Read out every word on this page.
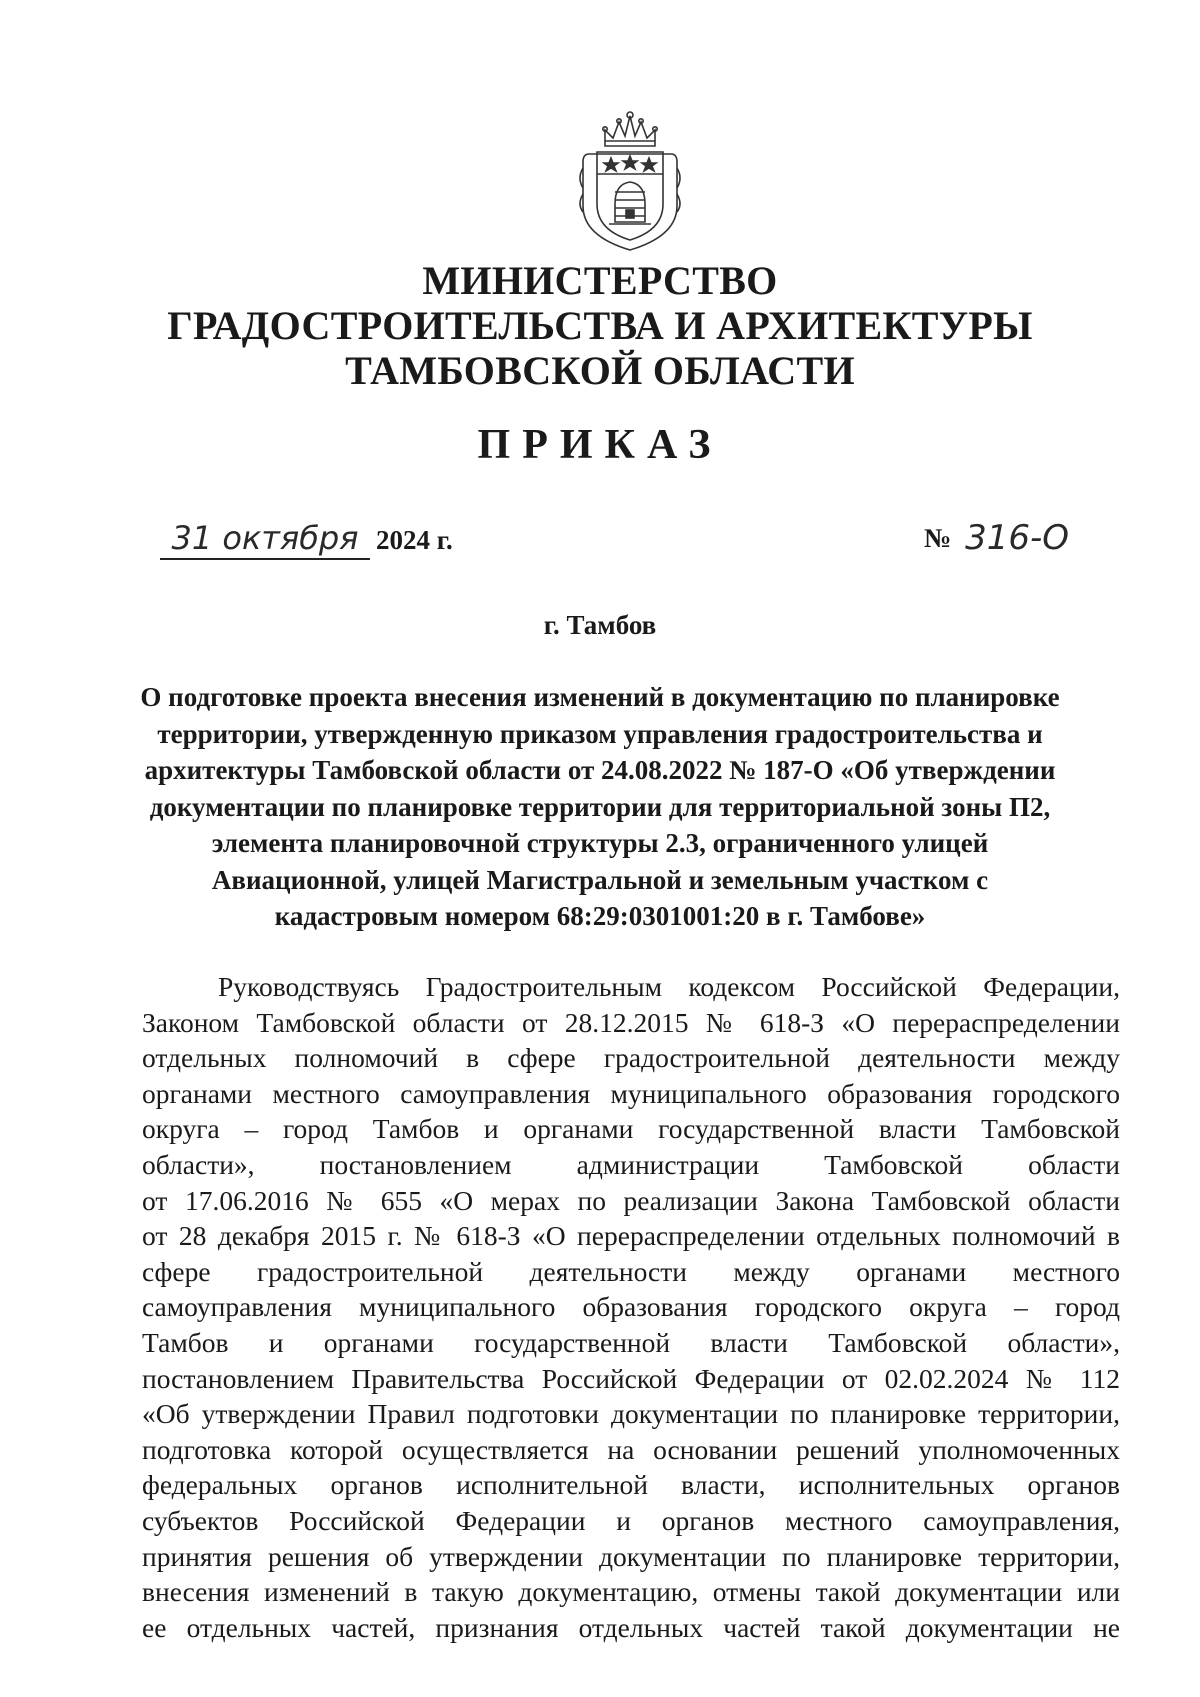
МИНИСТЕРСТВО
ГРАДОСТРОИТЕЛЬСТВА И АРХИТЕКТУРЫ
ТАМБОВСКОЙ ОБЛАСТИ
ПРИКАЗ
31 октября 2024 г.	№ 316-О
г. Тамбов
О подготовке проекта внесения изменений в документацию по планировке
территории, утвержденную приказом управления градостроительства и
архитектуры Тамбовской области от 24.08.2022 № 187-О «Об утверждении
документации по планировке территории для территориальной зоны П2,
элемента планировочной структуры 2.3, ограниченного улицей
Авиационной, улицей Магистральной и земельным участком с
кадастровым номером 68:29:0301001:20 в г. Тамбове»
Руководствуясь Градостроительным кодексом Российской Федерации,
Законом Тамбовской области от 28.12.2015 № 618-З «О перераспределении
отдельных полномочий в сфере градостроительной деятельности между
органами местного самоуправления муниципального образования городского
округа – город Тамбов и органами государственной власти Тамбовской
области», постановлением администрации Тамбовской области
от 17.06.2016 № 655 «О мерах по реализации Закона Тамбовской области
от 28 декабря 2015 г. № 618-З «О перераспределении отдельных полномочий в
сфере градостроительной деятельности между органами местного
самоуправления муниципального образования городского округа – город
Тамбов и органами государственной власти Тамбовской области»,
постановлением Правительства Российской Федерации от 02.02.2024 № 112
«Об утверждении Правил подготовки документации по планировке территории,
подготовка которой осуществляется на основании решений уполномоченных
федеральных органов исполнительной власти, исполнительных органов
субъектов Российской Федерации и органов местного самоуправления,
принятия решения об утверждении документации по планировке территории,
внесения изменений в такую документацию, отмены такой документации или
ее отдельных частей, признания отдельных частей такой документации не
